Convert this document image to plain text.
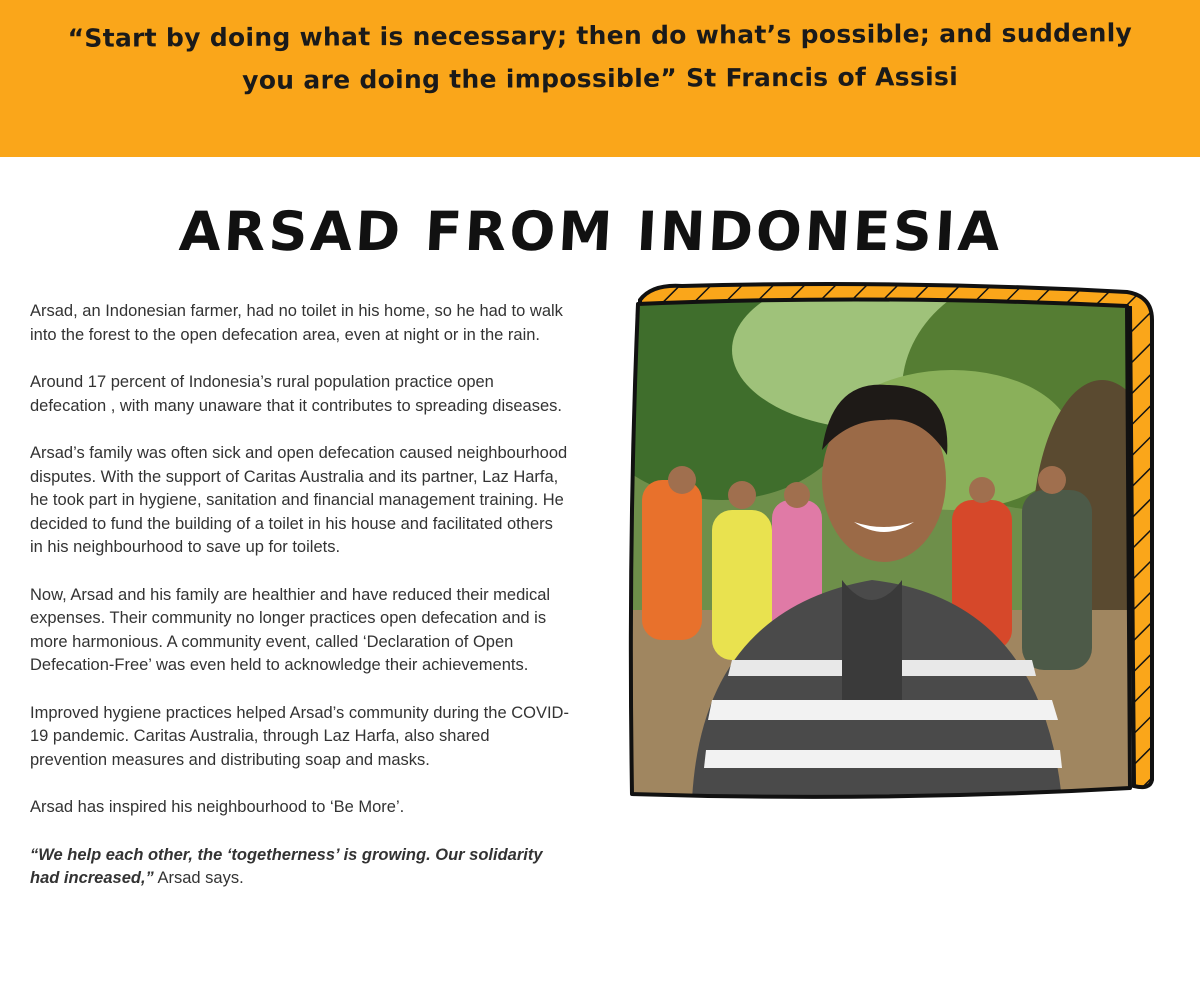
“Start by doing what is necessary; then do what’s possible; and suddenly you are doing the impossible” St Francis of Assisi
ARSAD FROM INDONESIA

Arsad, an Indonesian farmer, had no toilet in his home, so he had to walk into the forest to the open defecation area, even at night or in the rain.

Around 17 percent of Indonesia’s rural population practice open defecation , with many unaware that it contributes to spreading diseases.

Arsad’s family was often sick and open defecation caused neighbourhood disputes. With the support of Caritas Australia and its partner, Laz Harfa, he took part in hygiene, sanitation and financial management training. He decided to fund the building of a toilet in his house and facilitated others in his neighbourhood to save up for toilets.

Now, Arsad and his family are healthier and have reduced their medical expenses. Their community no longer practices open defecation and is more harmonious. A community event, called ‘Declaration of Open Defecation-Free’ was even held to acknowledge their achievements.

Improved hygiene practices helped Arsad’s community during the COVID-19 pandemic. Caritas Australia, through Laz Harfa, also shared prevention measures and distributing soap and masks.

Arsad has inspired his neighbourhood to ‘Be More’.

“We help each other, the ‘togetherness’ is growing. Our solidarity had increased,” Arsad says.
